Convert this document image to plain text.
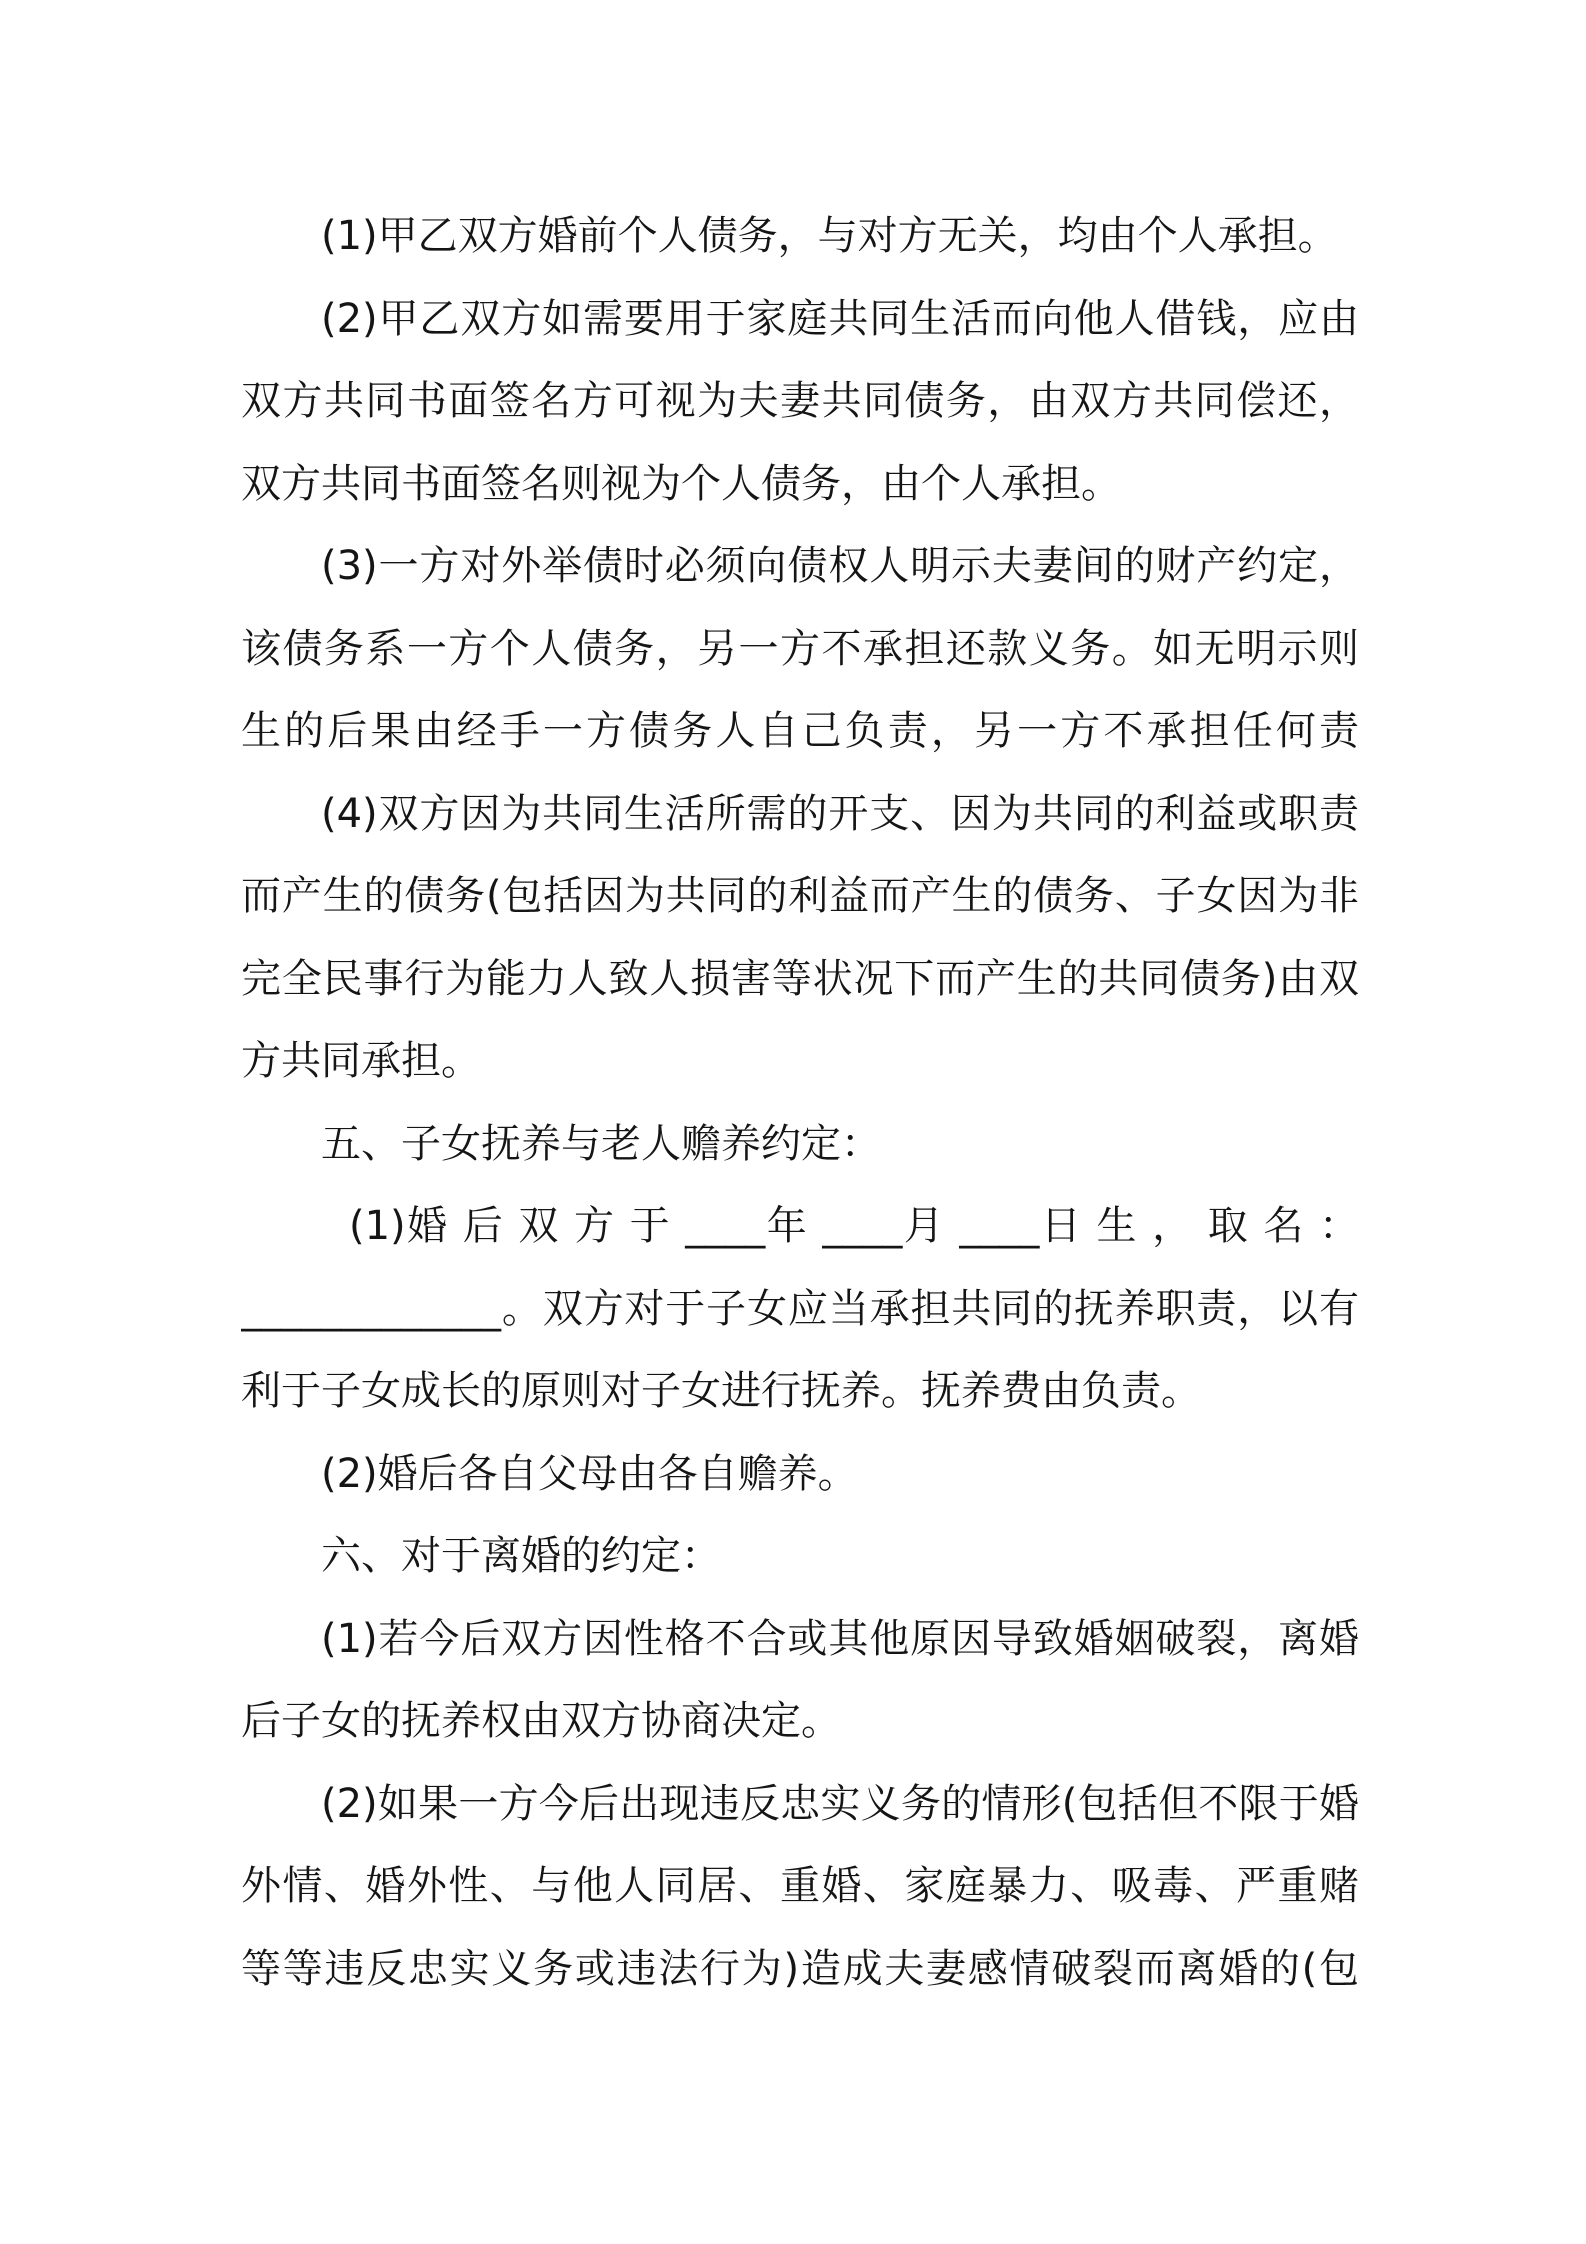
(1)甲乙双方婚前个人债务，与对方无关，均由个人承担。
(2)甲乙双方如需要用于家庭共同生活而向他人借钱，应由
双方共同书面签名方可视为夫妻共同债务，由双方共同偿还，
双方共同书面签名则视为个人债务，由个人承担。
(3)一方对外举债时必须向债权人明示夫妻间的财产约定，
该债务系一方个人债务，另一方不承担还款义务。如无明示则
生的后果由经手一方债务人自己负责，另一方不承担任何责
(4)双方因为共同生活所需的开支、因为共同的利益或职责
而产生的债务(包括因为共同的利益而产生的债务、子女因为非
完全民事行为能力人致人损害等状况下而产生的共同债务)由双
方共同承担。
五、子女抚养与老人赡养约定：
(1)婚 后 双 方 于 ____年 ____月 ____日 生 ， 取 名 ：
_____________。双方对于子女应当承担共同的抚养职责，以有
利于子女成长的原则对子女进行抚养。抚养费由负责。
(2)婚后各自父母由各自赡养。
六、对于离婚的约定：
(1)若今后双方因性格不合或其他原因导致婚姻破裂，离婚
后子女的抚养权由双方协商决定。
(2)如果一方今后出现违反忠实义务的情形(包括但不限于婚
外情、婚外性、与他人同居、重婚、家庭暴力、吸毒、严重赌
等等违反忠实义务或违法行为)造成夫妻感情破裂而离婚的(包
